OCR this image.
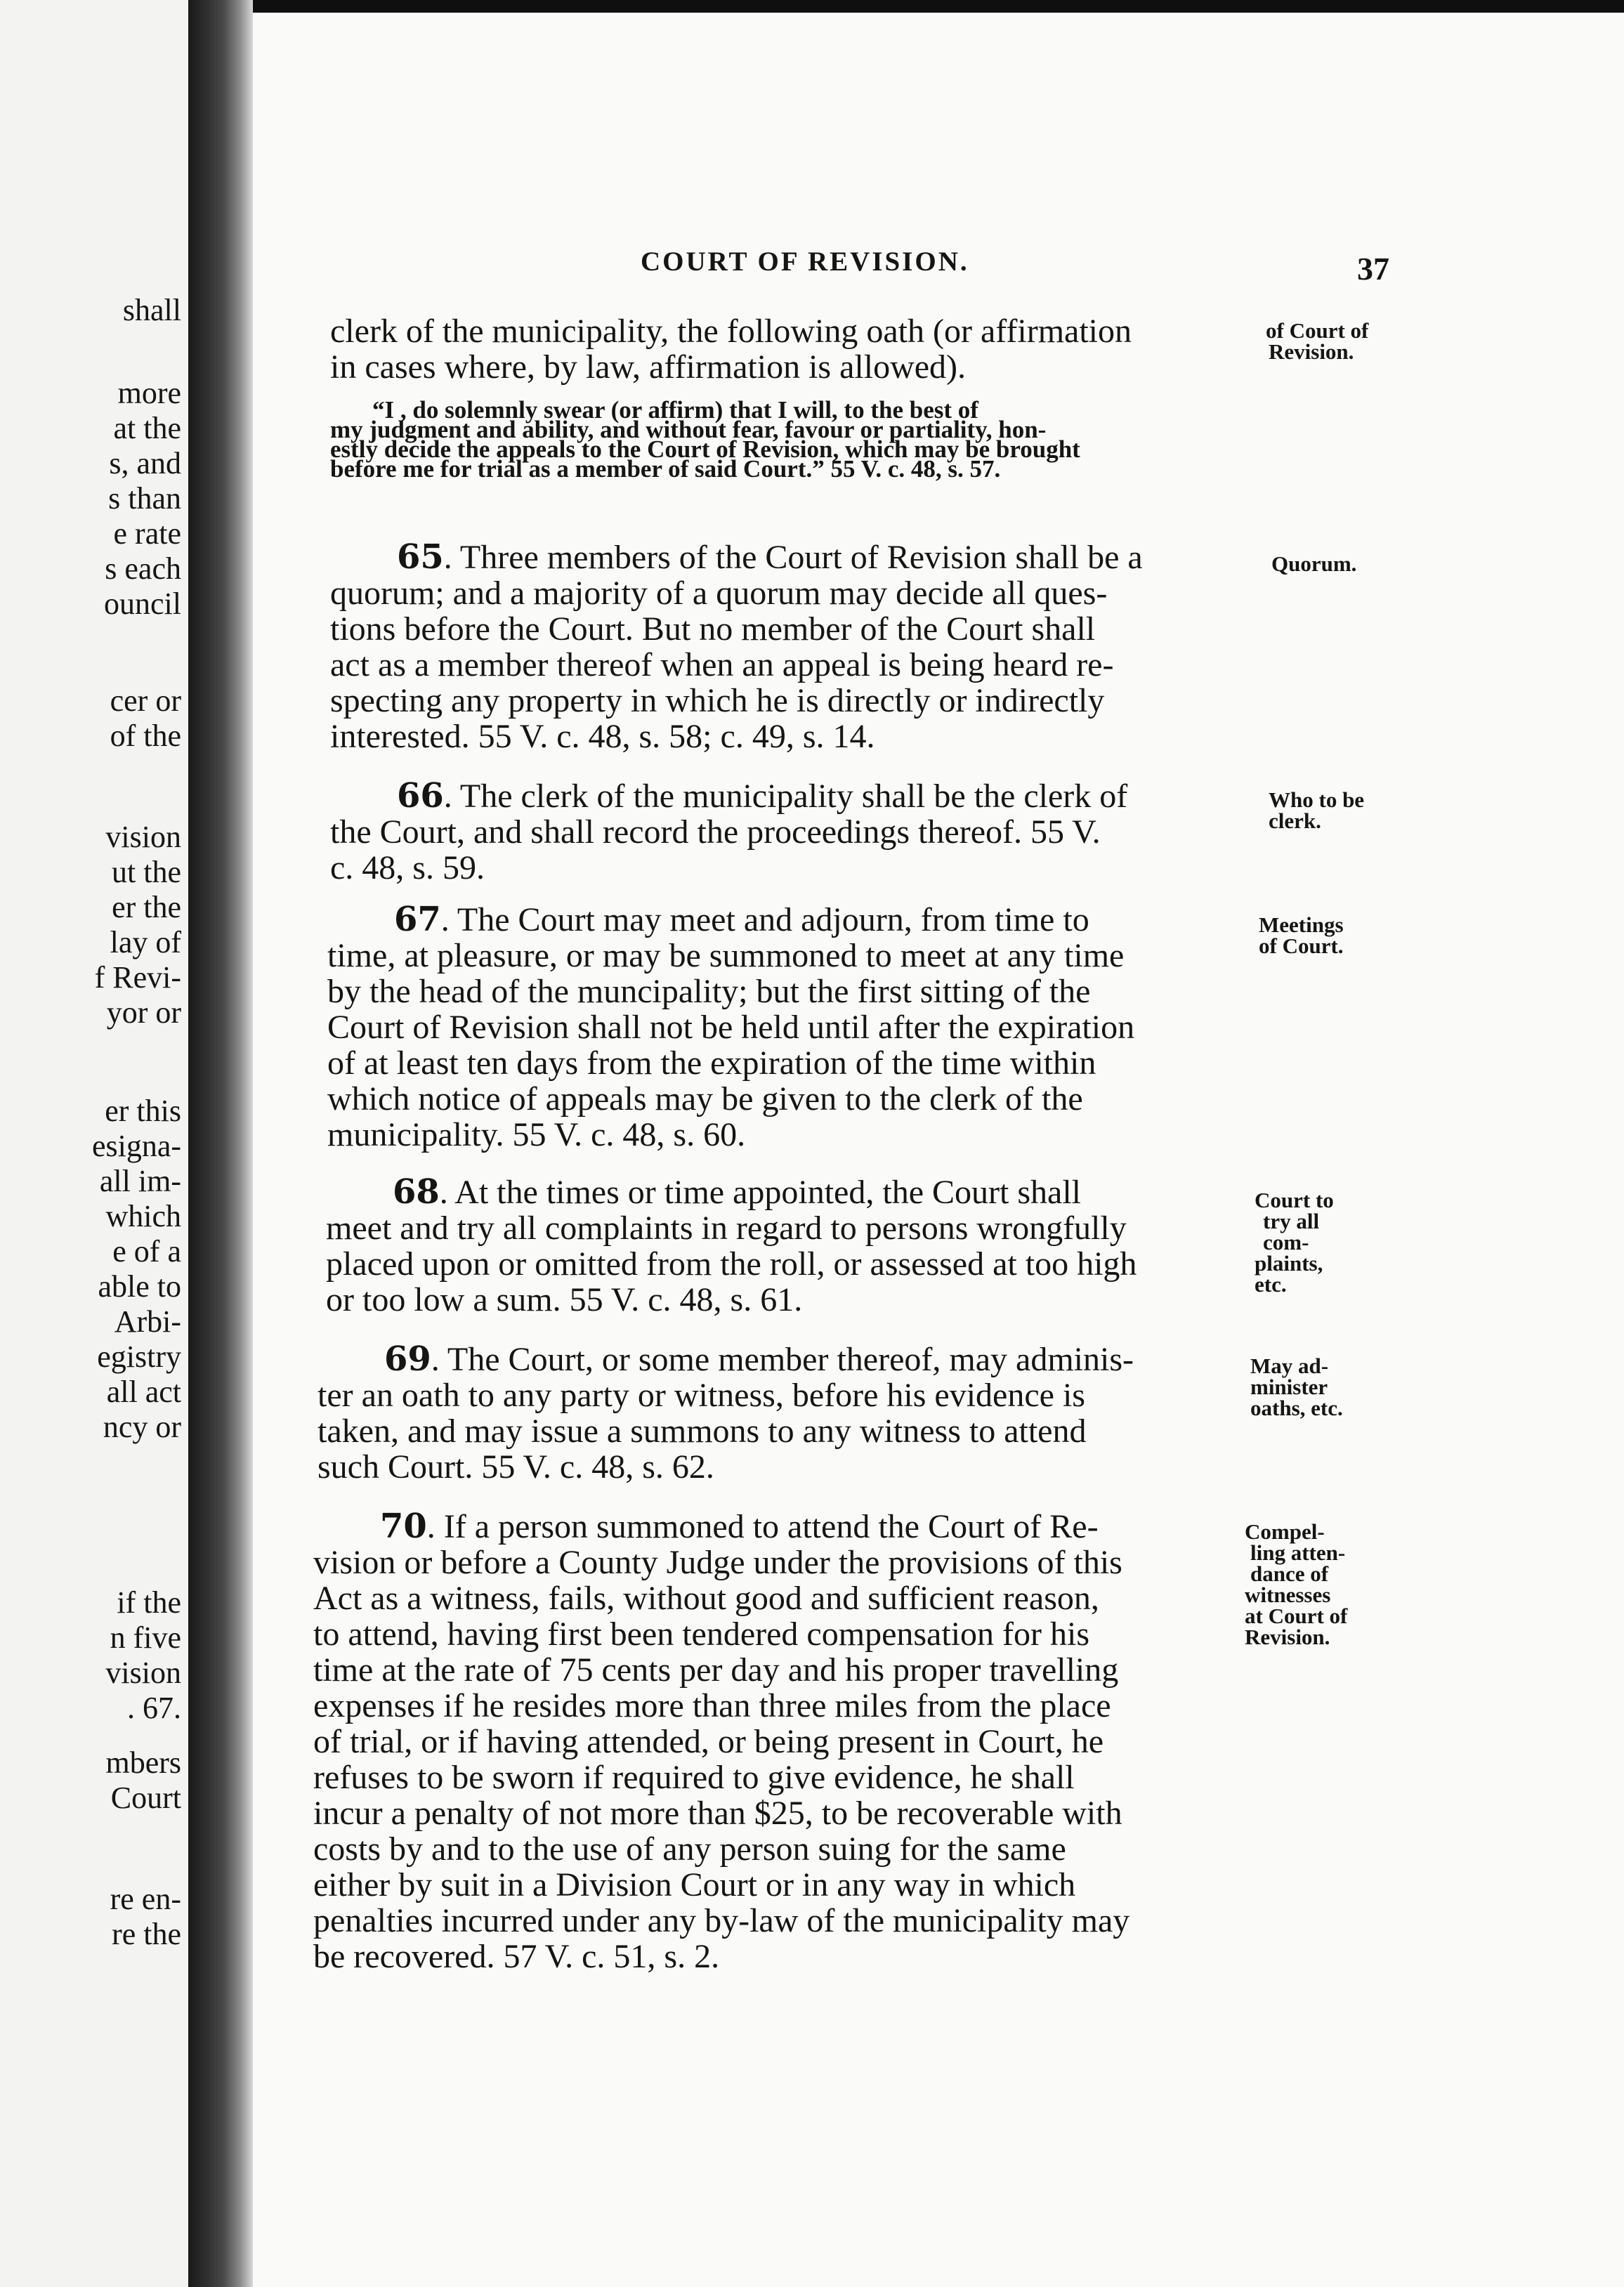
shall
more
at the
s, and
s than
e rate
s each
ouncil
cer or
of the
vision
ut the
er the
lay of
f Revi-
yor or
er this
esigna-
all im-
which
e of a
able to
Arbi-
egistry
all act
ncy or
if the
n five
vision
. 67.
mbers
Court
re en-
re the
COURT OF REVISION.	37
clerk of the municipality, the following oath (or affirmation
in cases where, by law, affirmation is allowed).
of Court of
Revision.
“I , do solemnly swear (or affirm) that I will, to the best of
my judgment and ability, and without fear, favour or partiality, hon-
estly decide the appeals to the Court of Revision, which may be brought
before me for trial as a member of said Court.” 55 V. c. 48, s. 57.
65. Three members of the Court of Revision shall be a
quorum; and a majority of a quorum may decide all ques-
tions before the Court. But no member of the Court shall
act as a member thereof when an appeal is being heard re-
specting any property in which he is directly or indirectly
interested. 55 V. c. 48, s. 58; c. 49, s. 14.
Quorum.
66. The clerk of the municipality shall be the clerk of
the Court, and shall record the proceedings thereof. 55 V.
c. 48, s. 59.
Who to be
clerk.
67. The Court may meet and adjourn, from time to
time, at pleasure, or may be summoned to meet at any time
by the head of the muncipality; but the first sitting of the
Court of Revision shall not be held until after the expiration
of at least ten days from the expiration of the time within
which notice of appeals may be given to the clerk of the
municipality. 55 V. c. 48, s. 60.
Meetings
of Court.
68. At the times or time appointed, the Court shall
meet and try all complaints in regard to persons wrongfully
placed upon or omitted from the roll, or assessed at too high
or too low a sum. 55 V. c. 48, s. 61.
Court to
try all
com-
plaints,
etc.
69. The Court, or some member thereof, may adminis-
ter an oath to any party or witness, before his evidence is
taken, and may issue a summons to any witness to attend
such Court. 55 V. c. 48, s. 62.
May ad-
minister
oaths, etc.
70. If a person summoned to attend the Court of Re-
vision or before a County Judge under the provisions of this
Act as a witness, fails, without good and sufficient reason,
to attend, having first been tendered compensation for his
time at the rate of 75 cents per day and his proper travelling
expenses if he resides more than three miles from the place
of trial, or if having attended, or being present in Court, he
refuses to be sworn if required to give evidence, he shall
incur a penalty of not more than $25, to be recoverable with
costs by and to the use of any person suing for the same
either by suit in a Division Court or in any way in which
penalties incurred under any by-law of the municipality may
be recovered. 57 V. c. 51, s. 2.
Compel-
ling atten-
dance of
witnesses
at Court of
Revision.
